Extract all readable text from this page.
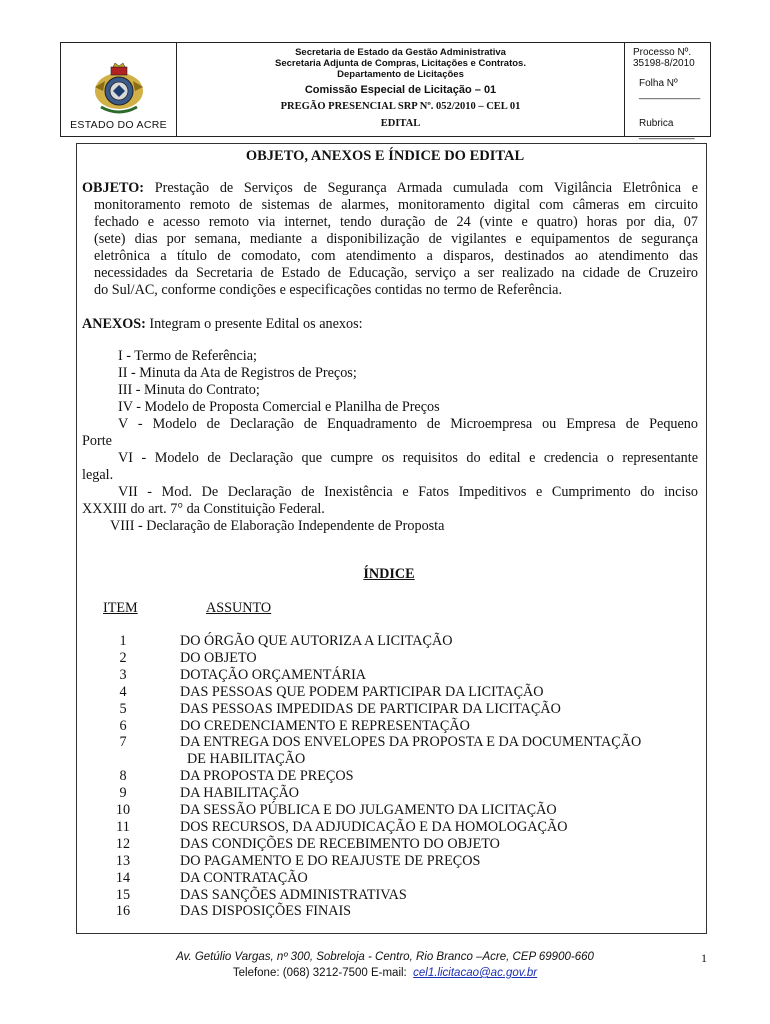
ESTADO DO ACRE
Secretaria de Estado da Gestão Administrativa
Secretaria Adjunta de Compras, Licitações e Contratos.
Departamento de Licitações
Comissão Especial de Licitação – 01
PREGÃO PRESENCIAL SRP Nº. 052/2010 – CEL 01
EDITAL
Processo Nº. 35198-8/2010
Folha Nº ___________
Rubrica __________
OBJETO, ANEXOS E ÍNDICE DO EDITAL
OBJETO: Prestação de Serviços de Segurança Armada cumulada com Vigilância Eletrônica e
monitoramento remoto de sistemas de alarmes, monitoramento digital com câmeras em circuito
fechado e acesso remoto via internet, tendo duração de 24 (vinte e quatro) horas por dia, 07
(sete) dias por semana, mediante a disponibilização de vigilantes e equipamentos de segurança
eletrônica a título de comodato, com atendimento a disparos, destinados ao atendimento das
necessidades da Secretaria de Estado de Educação, serviço a ser realizado na cidade de Cruzeiro
do Sul/AC, conforme condições e especificações contidas no termo de Referência.
ANEXOS: Integram o presente Edital os anexos:
I - Termo de Referência;
II - Minuta da Ata de Registros de Preços;
III - Minuta do Contrato;
IV - Modelo de Proposta Comercial e Planilha de Preços
V - Modelo de Declaração de Enquadramento de Microempresa ou Empresa de Pequeno
Porte
VI - Modelo de Declaração que cumpre os requisitos do edital e credencia o representante
legal.
VII - Mod. De Declaração de Inexistência e Fatos Impeditivos e Cumprimento do inciso
XXXIII do art. 7° da Constituição Federal.
VIII - Declaração de Elaboração Independente de Proposta
ÍNDICE
ITEM	ASSUNTO
1	DO ÓRGÃO QUE AUTORIZA A LICITAÇÃO
2	DO OBJETO
3	DOTAÇÃO ORÇAMENTÁRIA
4	DAS PESSOAS QUE PODEM PARTICIPAR DA LICITAÇÃO
5	DAS PESSOAS IMPEDIDAS DE PARTICIPAR DA LICITAÇÃO
6	DO CREDENCIAMENTO E REPRESENTAÇÃO
7	DA ENTREGA DOS ENVELOPES DA PROPOSTA E DA DOCUMENTAÇÃO
DE HABILITAÇÃO
8	DA PROPOSTA DE PREÇOS
9	DA HABILITAÇÃO
10	DA SESSÃO PÚBLICA E DO JULGAMENTO DA LICITAÇÃO
11	DOS RECURSOS, DA ADJUDICAÇÃO E DA HOMOLOGAÇÃO
12	DAS CONDIÇÕES DE RECEBIMENTO DO OBJETO
13	DO PAGAMENTO E DO REAJUSTE DE PREÇOS
14	DA CONTRATAÇÃO
15	DAS SANÇÕES ADMINISTRATIVAS
16	DAS DISPOSIÇÕES FINAIS
Av. Getúlio Vargas, nº 300, Sobreloja - Centro, Rio Branco –Acre, CEP 69900-660
Telefone: (068) 3212-7500 E-mail: cel1.licitacao@ac.gov.br
1
